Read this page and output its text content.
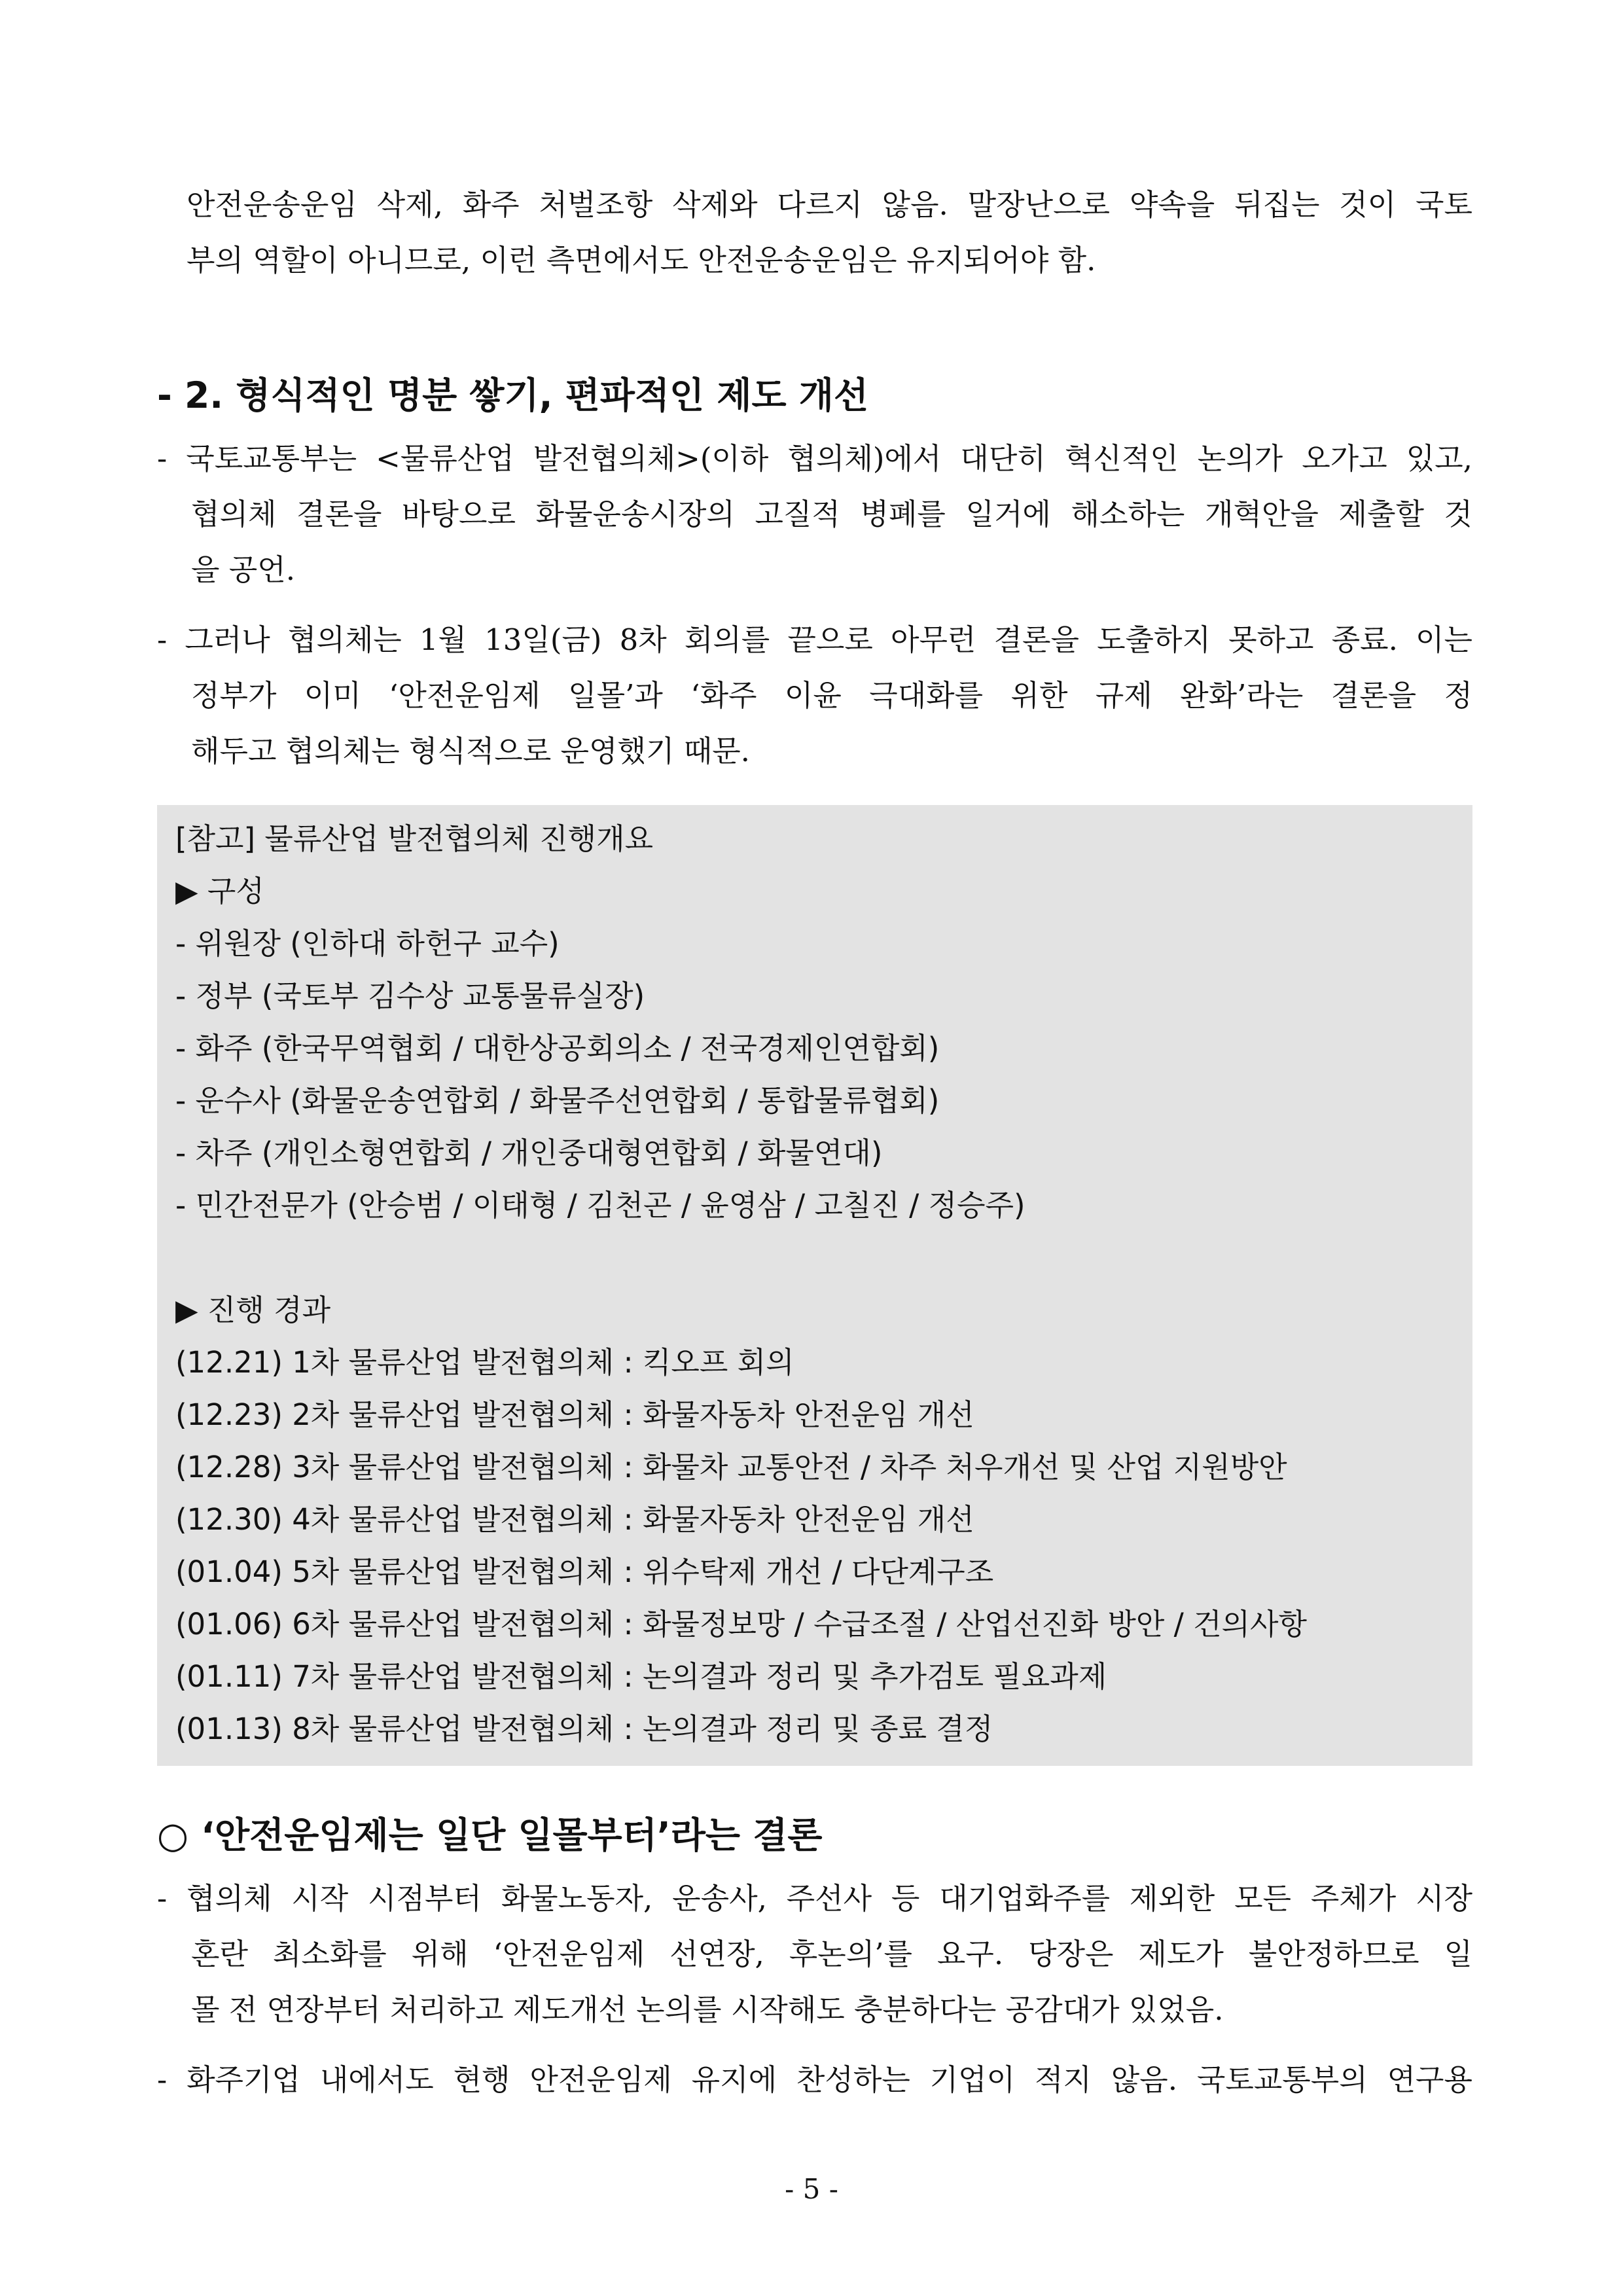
안전운송운임 삭제, 화주 처벌조항 삭제와 다르지 않음. 말장난으로 약속을 뒤집는 것이 국토
부의 역할이 아니므로, 이런 측면에서도 안전운송운임은 유지되어야 함.
- 2. 형식적인 명분 쌓기, 편파적인 제도 개선
- 국토교통부는 <물류산업 발전협의체>(이하 협의체)에서 대단히 혁신적인 논의가 오가고 있고,
협의체 결론을 바탕으로 화물운송시장의 고질적 병폐를 일거에 해소하는 개혁안을 제출할 것
을 공언.
- 그러나 협의체는 1월 13일(금) 8차 회의를 끝으로 아무런 결론을 도출하지 못하고 종료. 이는
정부가 이미 ‘안전운임제 일몰’과 ‘화주 이윤 극대화를 위한 규제 완화’라는 결론을 정
해두고 협의체는 형식적으로 운영했기 때문.
[참고] 물류산업 발전협의체 진행개요
▶ 구성
- 위원장 (인하대 하헌구 교수)
- 정부 (국토부 김수상 교통물류실장)
- 화주 (한국무역협회 / 대한상공회의소 / 전국경제인연합회)
- 운수사 (화물운송연합회 / 화물주선연합회 / 통합물류협회)
- 차주 (개인소형연합회 / 개인중대형연합회 / 화물연대)
- 민간전문가 (안승범 / 이태형 / 김천곤 / 윤영삼 / 고칠진 / 정승주)
▶ 진행 경과
(12.21) 1차 물류산업 발전협의체 : 킥오프 회의
(12.23) 2차 물류산업 발전협의체 : 화물자동차 안전운임 개선
(12.28) 3차 물류산업 발전협의체 : 화물차 교통안전 / 차주 처우개선 및 산업 지원방안
(12.30) 4차 물류산업 발전협의체 : 화물자동차 안전운임 개선
(01.04) 5차 물류산업 발전협의체 : 위수탁제 개선 / 다단계구조
(01.06) 6차 물류산업 발전협의체 : 화물정보망 / 수급조절 / 산업선진화 방안 / 건의사항
(01.11) 7차 물류산업 발전협의체 : 논의결과 정리 및 추가검토 필요과제
(01.13) 8차 물류산업 발전협의체 : 논의결과 정리 및 종료 결정
○ ‘안전운임제는 일단 일몰부터’라는 결론
- 협의체 시작 시점부터 화물노동자, 운송사, 주선사 등 대기업화주를 제외한 모든 주체가 시장
혼란 최소화를 위해 ‘안전운임제 선연장, 후논의’를 요구. 당장은 제도가 불안정하므로 일
몰 전 연장부터 처리하고 제도개선 논의를 시작해도 충분하다는 공감대가 있었음.
- 화주기업 내에서도 현행 안전운임제 유지에 찬성하는 기업이 적지 않음. 국토교통부의 연구용
- 5 -
